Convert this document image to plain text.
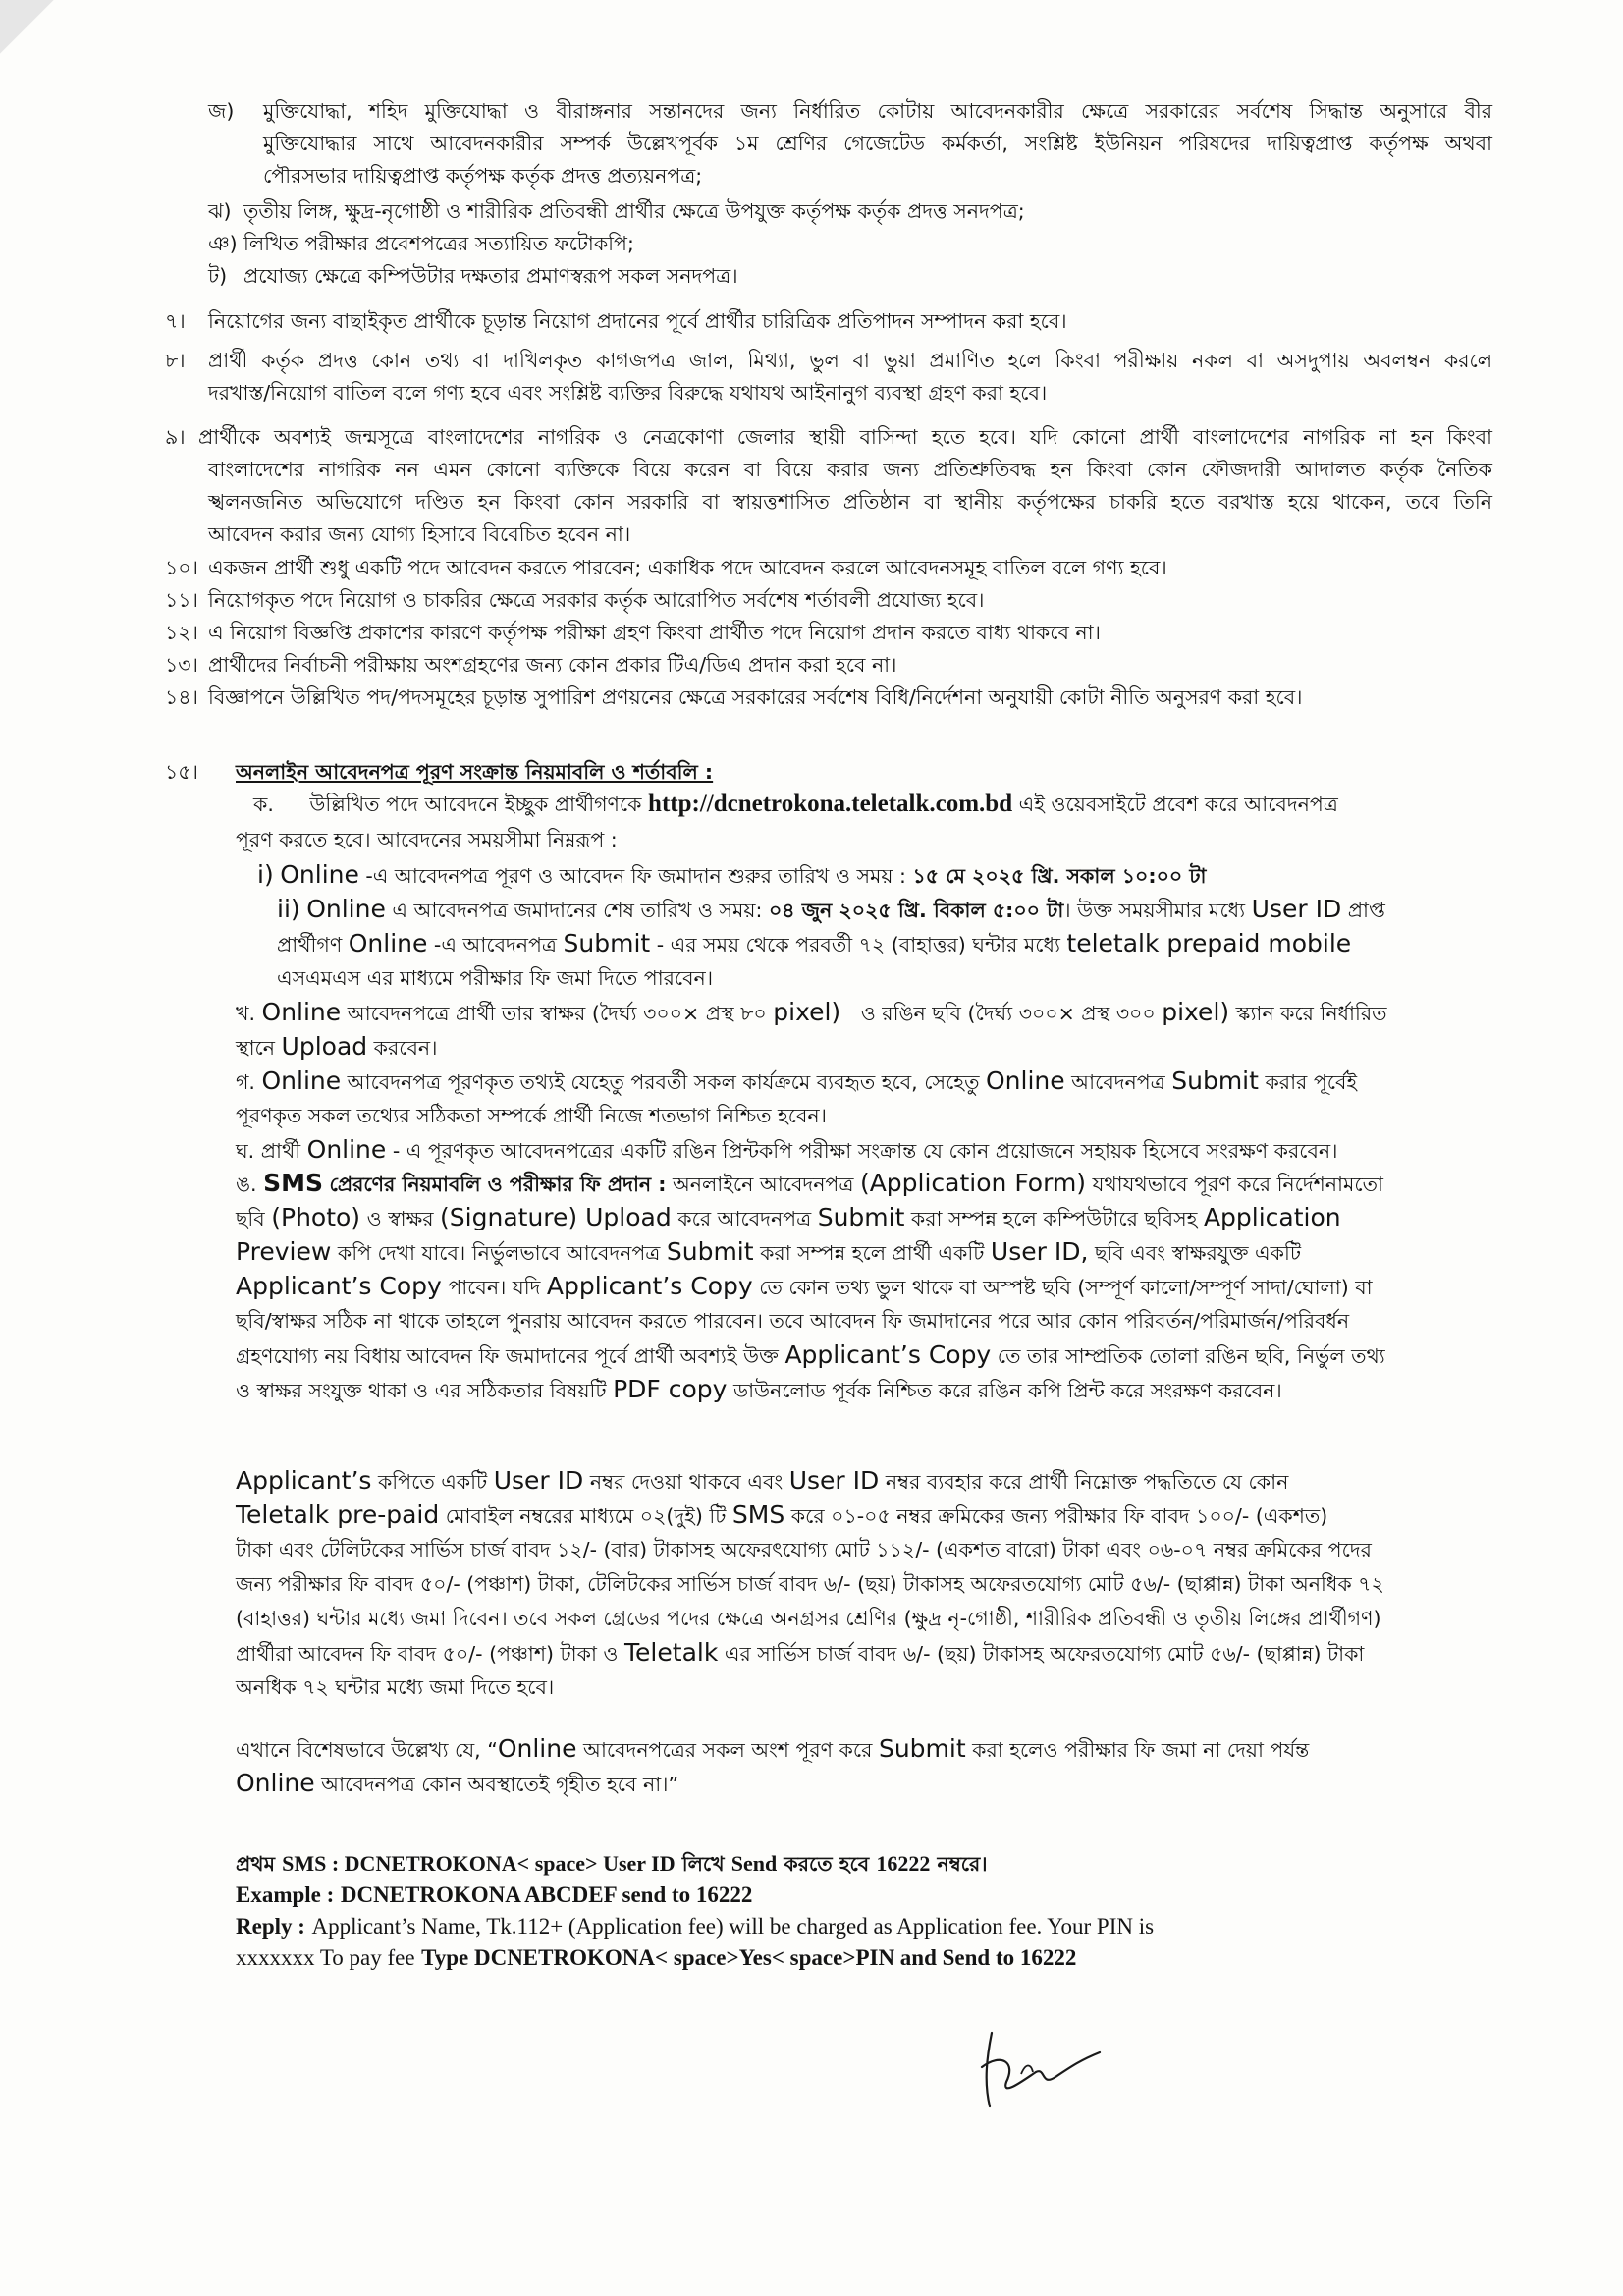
জ) মুক্তিযোদ্ধা, শহিদ মুক্তিযোদ্ধা ও বীরাঙ্গনার সন্তানদের জন্য নির্ধারিত কোটায় আবেদনকারীর ক্ষেত্রে সরকারের সর্বশেষ সিদ্ধান্ত অনুসারে বীর
মুক্তিযোদ্ধার সাথে আবেদনকারীর সম্পর্ক উল্লেখপূর্বক ১ম শ্রেণির গেজেটেড কর্মকর্তা, সংশ্লিষ্ট ইউনিয়ন পরিষদের দায়িত্বপ্রাপ্ত কর্তৃপক্ষ অথবা
পৌরসভার দায়িত্বপ্রাপ্ত কর্তৃপক্ষ কর্তৃক প্রদত্ত প্রত্যয়নপত্র;
ঝ) তৃতীয় লিঙ্গ, ক্ষুদ্র-নৃগোষ্ঠী ও শারীরিক প্রতিবন্ধী প্রার্থীর ক্ষেত্রে উপযুক্ত কর্তৃপক্ষ কর্তৃক প্রদত্ত সনদপত্র;
ঞ) লিখিত পরীক্ষার প্রবেশপত্রের সত্যায়িত ফটোকপি;
ট) প্রযোজ্য ক্ষেত্রে কম্পিউটার দক্ষতার প্রমাণস্বরূপ সকল সনদপত্র।
৭। নিয়োগের জন্য বাছাইকৃত প্রার্থীকে চূড়ান্ত নিয়োগ প্রদানের পূর্বে প্রার্থীর চারিত্রিক প্রতিপাদন সম্পাদন করা হবে।
৮। প্রার্থী কর্তৃক প্রদত্ত কোন তথ্য বা দাখিলকৃত কাগজপত্র জাল, মিথ্যা, ভুল বা ভুয়া প্রমাণিত হলে কিংবা পরীক্ষায় নকল বা অসদুপায় অবলম্বন করলে
দরখাস্ত/নিয়োগ বাতিল বলে গণ্য হবে এবং সংশ্লিষ্ট ব্যক্তির বিরুদ্ধে যথাযথ আইনানুগ ব্যবস্থা গ্রহণ করা হবে।
৯। প্রার্থীকে অবশ্যই জন্মসূত্রে বাংলাদেশের নাগরিক ও নেত্রকোণা জেলার স্থায়ী বাসিন্দা হতে হবে। যদি কোনো প্রার্থী বাংলাদেশের নাগরিক না হন কিংবা
বাংলাদেশের নাগরিক নন এমন কোনো ব্যক্তিকে বিয়ে করেন বা বিয়ে করার জন্য প্রতিশ্রুতিবদ্ধ হন কিংবা কোন ফৌজদারী আদালত কর্তৃক নৈতিক
স্খলনজনিত অভিযোগে দণ্ডিত হন কিংবা কোন সরকারি বা স্বায়ত্তশাসিত প্রতিষ্ঠান বা স্থানীয় কর্তৃপক্ষের চাকরি হতে বরখাস্ত হয়ে থাকেন, তবে তিনি
আবেদন করার জন্য যোগ্য হিসাবে বিবেচিত হবেন না।
১০। একজন প্রার্থী শুধু একটি পদে আবেদন করতে পারবেন; একাধিক পদে আবেদন করলে আবেদনসমূহ বাতিল বলে গণ্য হবে।
১১। নিয়োগকৃত পদে নিয়োগ ও চাকরির ক্ষেত্রে সরকার কর্তৃক আরোপিত সর্বশেষ শর্তাবলী প্রযোজ্য হবে।
১২। এ নিয়োগ বিজ্ঞপ্তি প্রকাশের কারণে কর্তৃপক্ষ পরীক্ষা গ্রহণ কিংবা প্রার্থীত পদে নিয়োগ প্রদান করতে বাধ্য থাকবে না।
১৩। প্রার্থীদের নির্বাচনী পরীক্ষায় অংশগ্রহণের জন্য কোন প্রকার টিএ/ডিএ প্রদান করা হবে না।
১৪। বিজ্ঞাপনে উল্লিখিত পদ/পদসমূহের চূড়ান্ত সুপারিশ প্রণয়নের ক্ষেত্রে সরকারের সর্বশেষ বিধি/নির্দেশনা অনুযায়ী কোটা নীতি অনুসরণ করা হবে।
১৫। অনলাইন আবেদনপত্র পূরণ সংক্রান্ত নিয়মাবলি ও শর্তাবলি :
ক. উল্লিখিত পদে আবেদনে ইচ্ছুক প্রার্থীগণকে http://dcnetrokona.teletalk.com.bd এই ওয়েবসাইটে প্রবেশ করে আবেদনপত্র
পূরণ করতে হবে। আবেদনের সময়সীমা নিম্নরূপ :
i) Online -এ আবেদনপত্র পূরণ ও আবেদন ফি জমাদান শুরুর তারিখ ও সময় : ১৫ মে ২০২৫ খ্রি. সকাল ১০:০০ টা
ii) Online এ আবেদনপত্র জমাদানের শেষ তারিখ ও সময়: ০৪ জুন ২০২৫ খ্রি. বিকাল ৫:০০ টা। উক্ত সময়সীমার মধ্যে User ID প্রাপ্ত
প্রার্থীগণ Online -এ আবেদনপত্র Submit - এর সময় থেকে পরবর্তী ৭২ (বাহাত্তর) ঘন্টার মধ্যে teletalk prepaid mobile
এসএমএস এর মাধ্যমে পরীক্ষার ফি জমা দিতে পারবেন।
খ. Online আবেদনপত্রে প্রার্থী তার স্বাক্ষর (দৈর্ঘ্য ৩০০× প্রস্থ ৮০ pixel) ও রঙিন ছবি (দৈর্ঘ্য ৩০০× প্রস্থ ৩০০ pixel) স্ক্যান করে নির্ধারিত
স্থানে Upload করবেন।
গ. Online আবেদনপত্র পূরণকৃত তথ্যই যেহেতু পরবর্তী সকল কার্যক্রমে ব্যবহৃত হবে, সেহেতু Online আবেদনপত্র Submit করার পূর্বেই
পূরণকৃত সকল তথ্যের সঠিকতা সম্পর্কে প্রার্থী নিজে শতভাগ নিশ্চিত হবেন।
ঘ. প্রার্থী Online - এ পূরণকৃত আবেদনপত্রের একটি রঙিন প্রিন্টকপি পরীক্ষা সংক্রান্ত যে কোন প্রয়োজনে সহায়ক হিসেবে সংরক্ষণ করবেন।
ঙ. SMS প্রেরণের নিয়মাবলি ও পরীক্ষার ফি প্রদান : অনলাইনে আবেদনপত্র (Application Form) যথাযথভাবে পূরণ করে নির্দেশনামতো
ছবি (Photo) ও স্বাক্ষর (Signature) Upload করে আবেদনপত্র Submit করা সম্পন্ন হলে কম্পিউটারে ছবিসহ Application
Preview কপি দেখা যাবে। নির্ভুলভাবে আবেদনপত্র Submit করা সম্পন্ন হলে প্রার্থী একটি User ID, ছবি এবং স্বাক্ষরযুক্ত একটি
Applicant’s Copy পাবেন। যদি Applicant’s Copy তে কোন তথ্য ভুল থাকে বা অস্পষ্ট ছবি (সম্পূর্ণ কালো/সম্পূর্ণ সাদা/ঘোলা) বা
ছবি/স্বাক্ষর সঠিক না থাকে তাহলে পুনরায় আবেদন করতে পারবেন। তবে আবেদন ফি জমাদানের পরে আর কোন পরিবর্তন/পরিমার্জন/পরিবর্ধন
গ্রহণযোগ্য নয় বিধায় আবেদন ফি জমাদানের পূর্বে প্রার্থী অবশ্যই উক্ত Applicant’s Copy তে তার সাম্প্রতিক তোলা রঙিন ছবি, নির্ভুল তথ্য
ও স্বাক্ষর সংযুক্ত থাকা ও এর সঠিকতার বিষয়টি PDF copy ডাউনলোড পূর্বক নিশ্চিত করে রঙিন কপি প্রিন্ট করে সংরক্ষণ করবেন।
Applicant’s কপিতে একটি User ID নম্বর দেওয়া থাকবে এবং User ID নম্বর ব্যবহার করে প্রার্থী নিম্নোক্ত পদ্ধতিতে যে কোন
Teletalk pre-paid মোবাইল নম্বরের মাধ্যমে ০২(দুই) টি SMS করে ০১-০৫ নম্বর ক্রমিকের জন্য পরীক্ষার ফি বাবদ ১০০/- (একশত)
টাকা এবং টেলিটকের সার্ভিস চার্জ বাবদ ১২/- (বার) টাকাসহ অফেরৎযোগ্য মোট ১১২/- (একশত বারো) টাকা এবং ০৬-০৭ নম্বর ক্রমিকের পদের
জন্য পরীক্ষার ফি বাবদ ৫০/- (পঞ্চাশ) টাকা, টেলিটকের সার্ভিস চার্জ বাবদ ৬/- (ছয়) টাকাসহ অফেরতযোগ্য মোট ৫৬/- (ছাপ্পান্ন) টাকা অনধিক ৭২
(বাহাত্তর) ঘন্টার মধ্যে জমা দিবেন। তবে সকল গ্রেডের পদের ক্ষেত্রে অনগ্রসর শ্রেণির (ক্ষুদ্র নৃ-গোষ্ঠী, শারীরিক প্রতিবন্ধী ও তৃতীয় লিঙ্গের প্রার্থীগণ)
প্রার্থীরা আবেদন ফি বাবদ ৫০/- (পঞ্চাশ) টাকা ও Teletalk এর সার্ভিস চার্জ বাবদ ৬/- (ছয়) টাকাসহ অফেরতযোগ্য মোট ৫৬/- (ছাপ্পান্ন) টাকা
অনধিক ৭২ ঘন্টার মধ্যে জমা দিতে হবে।
এখানে বিশেষভাবে উল্লেখ্য যে, “Online আবেদনপত্রের সকল অংশ পূরণ করে Submit করা হলেও পরীক্ষার ফি জমা না দেয়া পর্যন্ত
Online আবেদনপত্র কোন অবস্থাতেই গৃহীত হবে না।”
প্রথম SMS : DCNETROKONA< space> User ID লিখে Send করতে হবে 16222 নম্বরে।
Example : DCNETROKONA ABCDEF send to 16222
Reply : Applicant’s Name, Tk.112+ (Application fee) will be charged as Application fee. Your PIN is
xxxxxxx To pay fee Type DCNETROKONA< space>Yes< space>PIN and Send to 16222
